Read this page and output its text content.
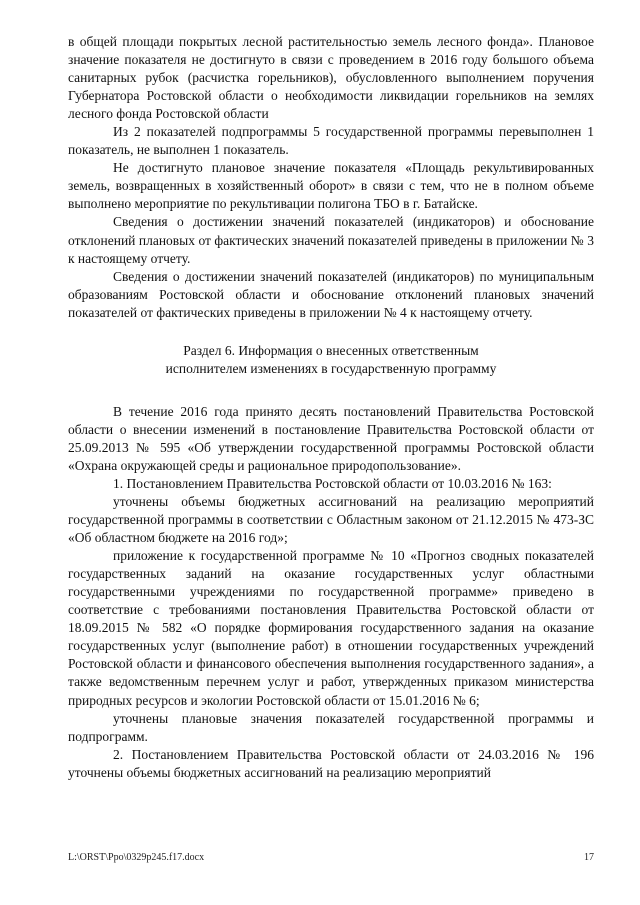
в общей площади покрытых лесной растительностью земель лесного фонда». Плановое значение показателя не достигнуто в связи с проведением в 2016 году большого объема санитарных рубок (расчистка горельников), обусловленного выполнением поручения Губернатора Ростовской области о необходимости ликвидации горельников на землях лесного фонда Ростовской области

Из 2 показателей подпрограммы 5 государственной программы перевыполнен 1 показатель, не выполнен 1 показатель.

Не достигнуто плановое значение показателя «Площадь рекультивированных земель, возвращенных в хозяйственный оборот» в связи с тем, что не в полном объеме выполнено мероприятие по рекультивации полигона ТБО в г. Батайске.

Сведения о достижении значений показателей (индикаторов) и обоснование отклонений плановых от фактических значений показателей приведены в приложении № 3 к настоящему отчету.

Сведения о достижении значений показателей (индикаторов) по муниципальным образованиям Ростовской области и обоснование отклонений плановых значений показателей от фактических приведены в приложении № 4 к настоящему отчету.

Раздел 6. Информация о внесенных ответственным
исполнителем изменениях в государственную программу

В течение 2016 года принято десять постановлений Правительства Ростовской области о внесении изменений в постановление Правительства Ростовской области от 25.09.2013 № 595 «Об утверждении государственной программы Ростовской области «Охрана окружающей среды и рациональное природопользование».

1. Постановлением Правительства Ростовской области от 10.03.2016 № 163:

уточнены объемы бюджетных ассигнований на реализацию мероприятий государственной программы в соответствии с Областным законом от 21.12.2015 № 473-ЗС «Об областном бюджете на 2016 год»;

приложение к государственной программе № 10 «Прогноз сводных показателей государственных заданий на оказание государственных услуг областными государственными учреждениями по государственной программе» приведено в соответствие с требованиями постановления Правительства Ростовской области от 18.09.2015 № 582 «О порядке формирования государственного задания на оказание государственных услуг (выполнение работ) в отношении государственных учреждений Ростовской области и финансового обеспечения выполнения государственного задания», а также ведомственным перечнем услуг и работ, утвержденных приказом министерства природных ресурсов и экологии Ростовской области от 15.01.2016 № 6;

уточнены плановые значения показателей государственной программы и подпрограмм.

2. Постановлением Правительства Ростовской области от 24.03.2016 № 196 уточнены объемы бюджетных ассигнований на реализацию мероприятий

L:\ORST\Ppo\0329p245.f17.docx	17
